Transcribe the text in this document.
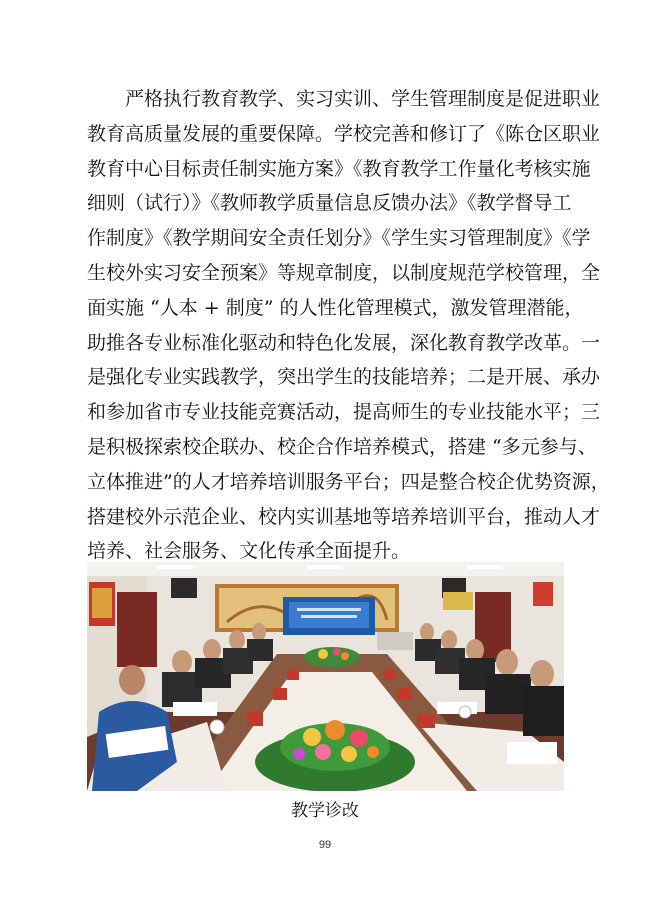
严格执行教育教学、实习实训、学生管理制度是促进职业
教育高质量发展的重要保障。学校完善和修订了《陈仓区职业
教育中心目标责任制实施方案》《教育教学工作量化考核实施
细则（试行）》《教师教学质量信息反馈办法》《教学督导工
作制度》《教学期间安全责任划分》《学生实习管理制度》《学
生校外实习安全预案》等规章制度，以制度规范学校管理，全
面实施 “人本 + 制度” 的人性化管理模式，激发管理潜能，
助推各专业标准化驱动和特色化发展，深化教育教学改革。一
是强化专业实践教学，突出学生的技能培养；二是开展、承办
和参加省市专业技能竞赛活动，提高师生的专业技能水平；三
是积极探索校企联办、校企合作培养模式，搭建 “多元参与、
立体推进”的人才培养培训服务平台；四是整合校企优势资源，
搭建校外示范企业、校内实训基地等培养培训平台，推动人才
培养、社会服务、文化传承全面提升。
教学诊改
99
